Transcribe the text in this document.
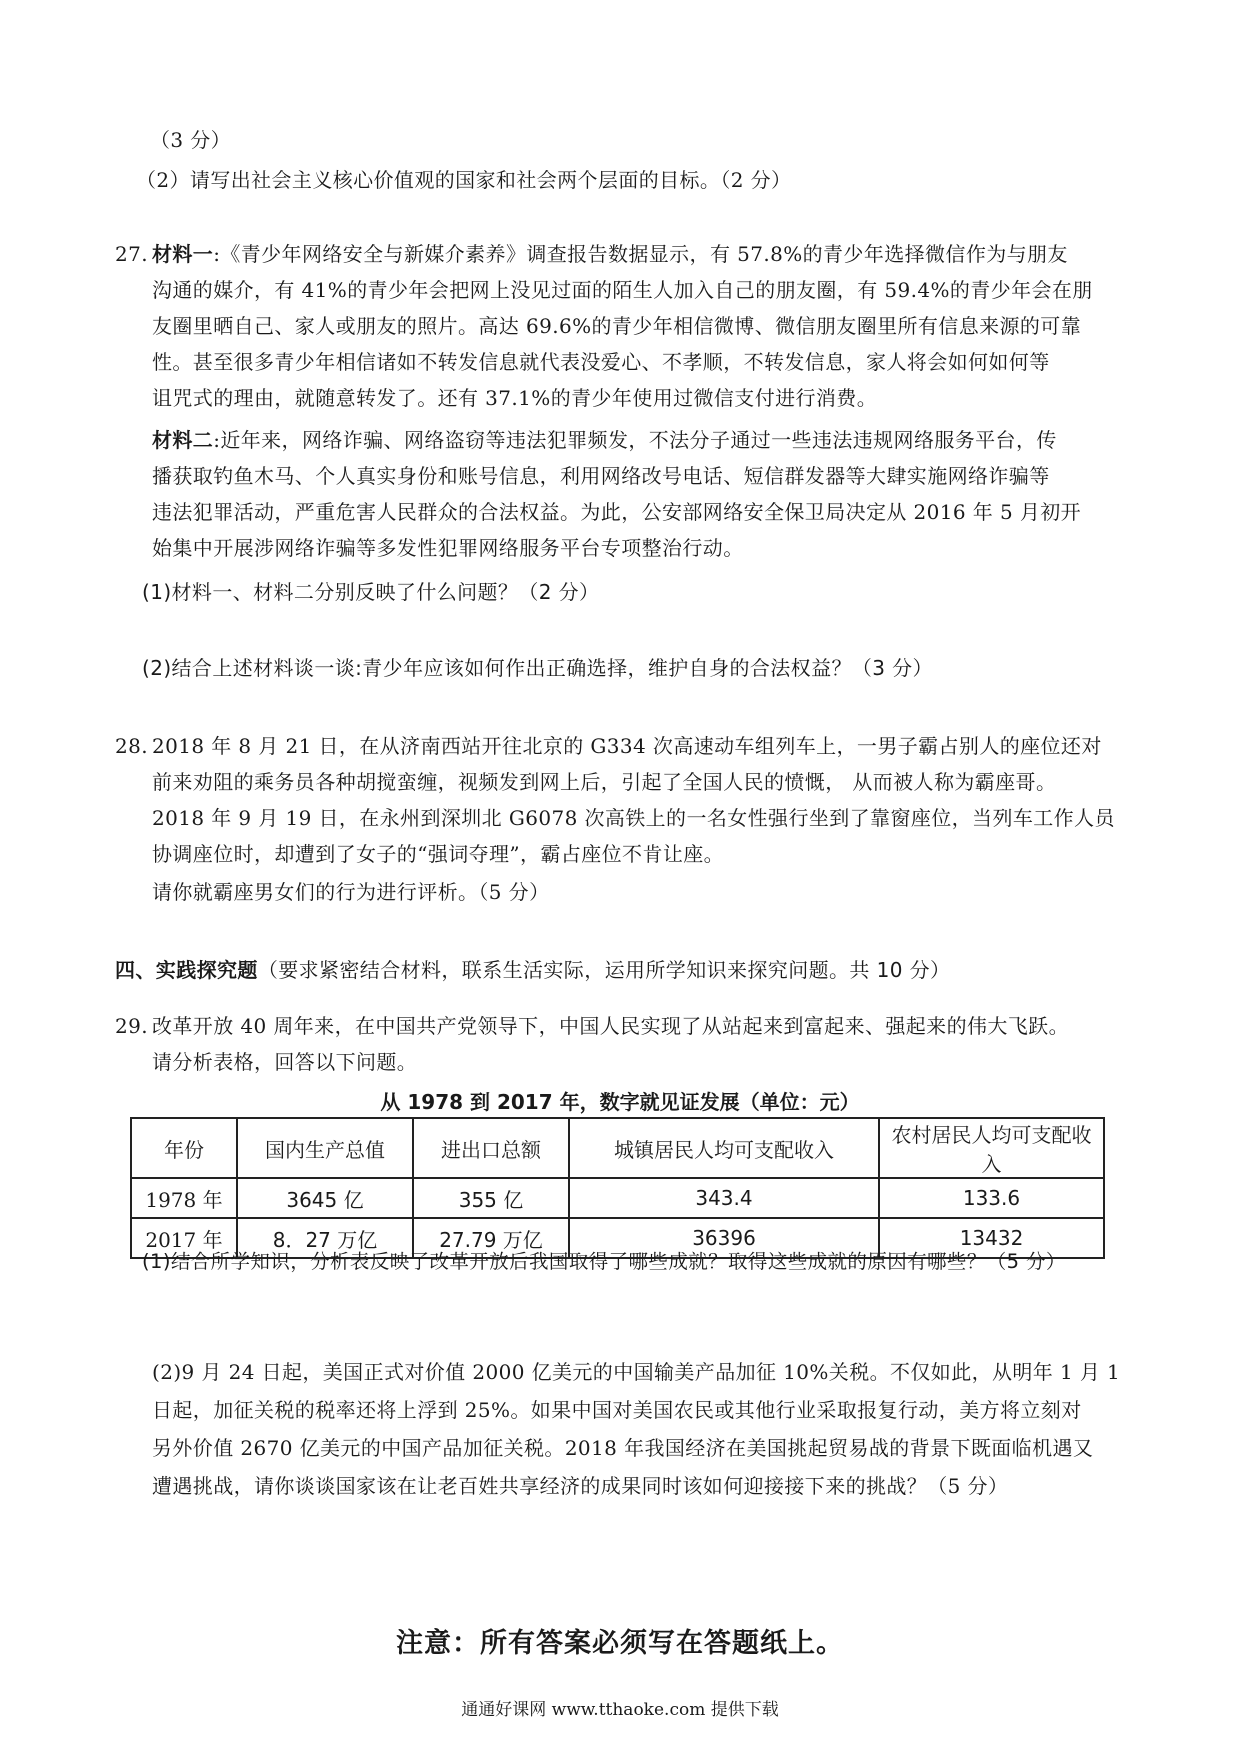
（3 分）
（2）请写出社会主义核心价值观的国家和社会两个层面的目标。（2 分）
27. 材料一:《青少年网络安全与新媒介素养》调查报告数据显示，有 57.8%的青少年选择微信作为与朋友
沟通的媒介，有 41%的青少年会把网上没见过面的陌生人加入自己的朋友圈，有 59.4%的青少年会在朋
友圈里晒自己、家人或朋友的照片。高达 69.6%的青少年相信微博、微信朋友圈里所有信息来源的可靠
性。甚至很多青少年相信诸如不转发信息就代表没爱心、不孝顺，不转发信息，家人将会如何如何等
诅咒式的理由，就随意转发了。还有 37.1%的青少年使用过微信支付进行消费。
材料二:近年来，网络诈骗、网络盗窃等违法犯罪频发，不法分子通过一些违法违规网络服务平台，传
播获取钓鱼木马、个人真实身份和账号信息，利用网络改号电话、短信群发器等大肆实施网络诈骗等
违法犯罪活动，严重危害人民群众的合法权益。为此，公安部网络安全保卫局决定从 2016 年 5 月初开
始集中开展涉网络诈骗等多发性犯罪网络服务平台专项整治行动。
(1)材料一、材料二分别反映了什么问题？（2 分）
(2)结合上述材料谈一谈:青少年应该如何作出正确选择，维护自身的合法权益？（3 分）
28. 2018 年 8 月 21 日，在从济南西站开往北京的 G334 次高速动车组列车上，一男子霸占别人的座位还对
前来劝阻的乘务员各种胡搅蛮缠，视频发到网上后，引起了全国人民的愤慨， 从而被人称为霸座哥。
2018 年 9 月 19 日，在永州到深圳北 G6078 次高铁上的一名女性强行坐到了靠窗座位，当列车工作人员
协调座位时，却遭到了女子的“强词夺理”，霸占座位不肯让座。
请你就霸座男女们的行为进行评析。（5 分）
四、实践探究题（要求紧密结合材料，联系生活实际，运用所学知识来探究问题。共 10 分）
29. 改革开放 40 周年来，在中国共产党领导下，中国人民实现了从站起来到富起来、强起来的伟大飞跃。
请分析表格，回答以下问题。
从 1978 到 2017 年，数字就见证发展（单位：元）
年份	国内生产总值	进出口总额	城镇居民人均可支配收入	农村居民人均可支配收入
1978 年	3645 亿	355 亿	343.4	133.6
2017 年	8．27 万亿	27.79 万亿	36396	13432
(1)结合所学知识，分析表反映了改革开放后我国取得了哪些成就？取得这些成就的原因有哪些？（5 分）
(2)9 月 24 日起，美国正式对价值 2000 亿美元的中国输美产品加征 10%关税。不仅如此，从明年 1 月 1
日起，加征关税的税率还将上浮到 25%。如果中国对美国农民或其他行业采取报复行动，美方将立刻对
另外价值 2670 亿美元的中国产品加征关税。2018 年我国经济在美国挑起贸易战的背景下既面临机遇又
遭遇挑战，请你谈谈国家该在让老百姓共享经济的成果同时该如何迎接接下来的挑战？（5 分）
注意：所有答案必须写在答题纸上。
通通好课网 www.tthaoke.com 提供下载
